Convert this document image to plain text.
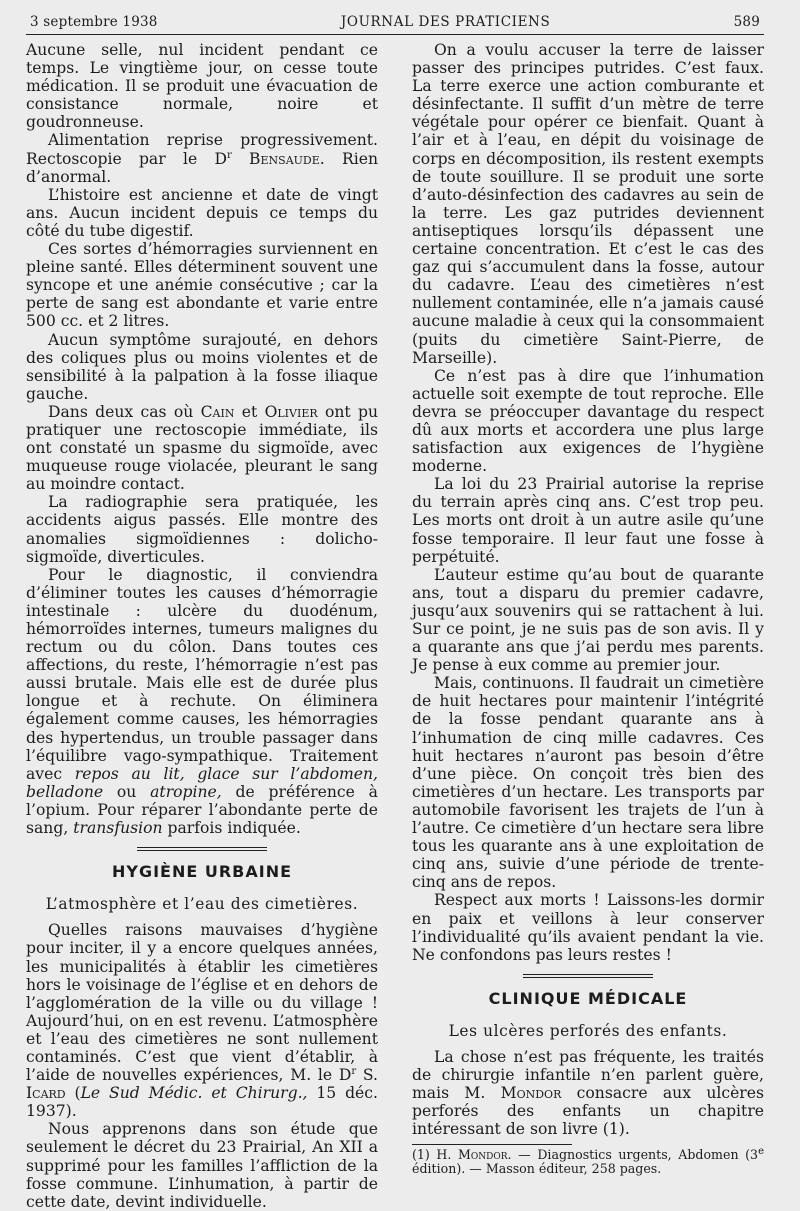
3 septembre 1938	JOURNAL DES PRATICIENS	589

Aucune selle, nul incident pendant ce temps. Le vingtième jour, on cesse toute médication. Il se produit une évacuation de consistance normale, noire et goudronneuse.

Alimentation reprise progressivement. Rectoscopie par le $D^r$ Bensaude. Rien d’anormal.

L’histoire est ancienne et date de vingt ans. Aucun incident depuis ce temps du côté du tube digestif.

Ces sortes d’hémorragies surviennent en pleine santé. Elles déterminent souvent une syncope et une anémie consécutive ; car la perte de sang est abondante et varie entre 500 cc. et 2 litres.

Aucun symptôme surajouté, en dehors des coliques plus ou moins violentes et de sensibilité à la palpation à la fosse iliaque gauche.

Dans deux cas où Cain et Olivier ont pu pratiquer une rectoscopie immédiate, ils ont constaté un spasme du sigmoïde, avec muqueuse rouge violacée, pleurant le sang au moindre contact.

La radiographie sera pratiquée, les accidents aigus passés. Elle montre des anomalies sigmoïdiennes : dolicho-sigmoïde, diverticules.

Pour le diagnostic, il conviendra d’éliminer toutes les causes d’hémorragie intestinale : ulcère du duodénum, hémorroïdes internes, tumeurs malignes du rectum ou du côlon. Dans toutes ces affections, du reste, l’hémorragie n’est pas aussi brutale. Mais elle est de durée plus longue et à rechute. On éliminera également comme causes, les hémorragies des hypertendus, un trouble passager dans l’équilibre vago-sympathique. Traitement avec repos au lit, glace sur l’abdomen, belladone ou atropine, de préférence à l’opium. Pour réparer l’abondante perte de sang, transfusion parfois indiquée.

HYGIÈNE URBAINE
L’atmosphère et l’eau des cimetières.

Quelles raisons mauvaises d’hygiène pour inciter, il y a encore quelques années, les municipalités à établir les cimetières hors le voisinage de l’église et en dehors de l’agglomération de la ville ou du village ! Aujourd’hui, on en est revenu. L’atmosphère et l’eau des cimetières ne sont nullement contaminés. C’est que vient d’établir, à l’aide de nouvelles expériences, M. le $D^r$ S. Icard (Le Sud Médic. et Chirurg., 15 déc. 1937).

Nous apprenons dans son étude que seulement le décret du 23 Prairial, An XII a supprimé pour les familles l’affliction de la fosse commune. L’inhumation, à partir de cette date, devint individuelle.

On a voulu accuser la terre de laisser passer des principes putrides. C’est faux. La terre exerce une action comburante et désinfectante. Il suffit d’un mètre de terre végétale pour opérer ce bienfait. Quant à l’air et à l’eau, en dépit du voisinage de corps en décomposition, ils restent exempts de toute souillure. Il se produit une sorte d’auto-désinfection des cadavres au sein de la terre. Les gaz putrides deviennent antiseptiques lorsqu’ils dépassent une certaine concentration. Et c’est le cas des gaz qui s’accumulent dans la fosse, autour du cadavre. L’eau des cimetières n’est nullement contaminée, elle n’a jamais causé aucune maladie à ceux qui la consommaient (puits du cimetière Saint-Pierre, de Marseille).

Ce n’est pas à dire que l’inhumation actuelle soit exempte de tout reproche. Elle devra se préoccuper davantage du respect dû aux morts et accordera une plus large satisfaction aux exigences de l’hygiène moderne.

La loi du 23 Prairial autorise la reprise du terrain après cinq ans. C’est trop peu. Les morts ont droit à un autre asile qu’une fosse temporaire. Il leur faut une fosse à perpétuité.

L’auteur estime qu’au bout de quarante ans, tout a disparu du premier cadavre, jusqu’aux souvenirs qui se rattachent à lui. Sur ce point, je ne suis pas de son avis. Il y a quarante ans que j’ai perdu mes parents. Je pense à eux comme au premier jour.

Mais, continuons. Il faudrait un cimetière de huit hectares pour maintenir l’intégrité de la fosse pendant quarante ans à l’inhumation de cinq mille cadavres. Ces huit hectares n’auront pas besoin d’être d’une pièce. On conçoit très bien des cimetières d’un hectare. Les transports par automobile favorisent les trajets de l’un à l’autre. Ce cimetière d’un hectare sera libre tous les quarante ans à une exploitation de cinq ans, suivie d’une période de trente-cinq ans de repos.

Respect aux morts ! Laissons-les dormir en paix et veillons à leur conserver l’individualité qu’ils avaient pendant la vie. Ne confondons pas leurs restes !

CLINIQUE MÉDICALE
Les ulcères perforés des enfants.

La chose n’est pas fréquente, les traités de chirurgie infantile n’en parlent guère, mais M. Mondor consacre aux ulcères perforés des enfants un chapitre intéressant de son livre (1).

(1) H. Mondor. — Diagnostics urgents, Abdomen (3e édition). — Masson éditeur, 258 pages.
